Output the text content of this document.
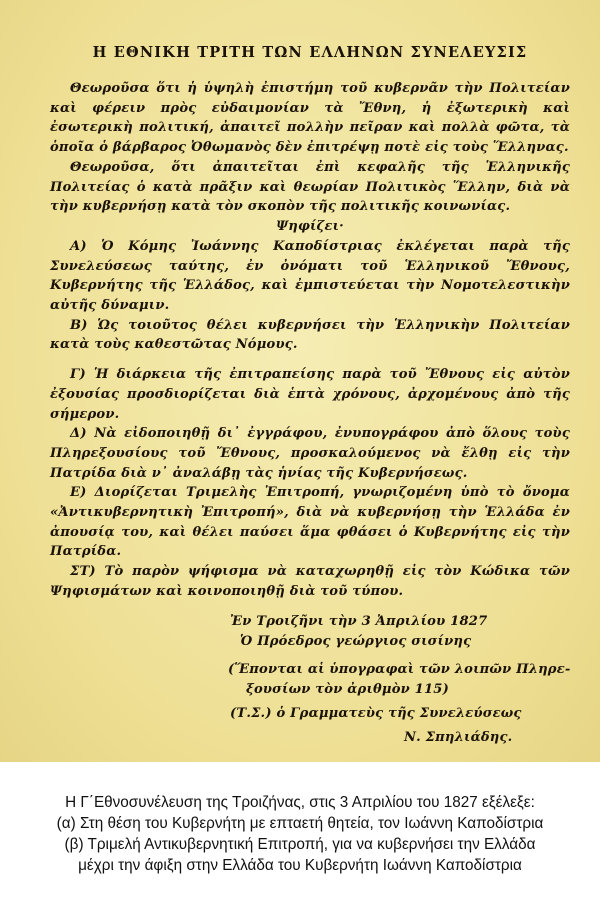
Η ΕΘΝΙΚΗ ΤΡΙΤΗ ΤΩΝ ΕΛΛΗΝΩΝ ΣΥΝΕΛΕΥΣΙΣ

Θεωροῦσα ὅτι ἡ ὑψηλὴ ἐπιστήμη τοῦ κυβερνᾶν τὴν Πολιτείαν καὶ φέρειν πρὸς εὐδαιμονίαν τὰ Ἔθνη, ἡ ἐξωτερικὴ καὶ ἐσωτερικὴ πολιτική, ἀπαιτεῖ πολλὴν πεῖραν καὶ πολλὰ φῶτα, τὰ ὁποῖα ὁ βάρβαρος Ὀθωμανὸς δὲν ἐπιτρέψῃ ποτὲ εἰς τοὺς Ἕλληνας.

Θεωροῦσα, ὅτι ἀπαιτεῖται ἐπὶ κεφαλῆς τῆς Ἑλληνικῆς Πολιτείας ὁ κατὰ πρᾶξιν καὶ θεωρίαν Πολιτικὸς Ἕλλην, διὰ νὰ τὴν κυβερνήσῃ κατὰ τὸν σκοπὸν τῆς πολιτικῆς κοινωνίας.

Ψηφίζει·

Α) Ὁ Κόμης Ἰωάννης Καποδίστριας ἐκλέγεται παρὰ τῆς Συνελεύσεως ταύτης, ἐν ὀνόματι τοῦ Ἑλληνικοῦ Ἔθνους, Κυβερνήτης τῆς Ἑλλάδος, καὶ ἐμπιστεύεται τὴν Νομοτελεστικὴν αὐτῆς δύναμιν.

Β) Ὡς τοιοῦτος θέλει κυβερνήσει τὴν Ἑλληνικὴν Πολιτείαν κατὰ τοὺς καθεστῶτας Νόμους.

Γ) Ἡ διάρκεια τῆς ἐπιτραπείσης παρὰ τοῦ Ἔθνους εἰς αὐτὸν ἐξουσίας προσδιορίζεται διὰ ἑπτὰ χρόνους, ἀρχομένους ἀπὸ τῆς σήμερον.

Δ) Νὰ εἰδοποιηθῇ δι᾽ ἐγγράφου, ἐνυπογράφου ἀπὸ ὅλους τοὺς Πληρεξουσίους τοῦ Ἔθνους, προσκαλούμενος νὰ ἔλθῃ εἰς τὴν Πατρίδα διὰ ν᾽ ἀναλάβῃ τὰς ἡνίας τῆς Κυβερνήσεως.

Ε) Διορίζεται Τριμελὴς Ἐπιτροπή, γνωριζομένη ὑπὸ τὸ ὄνομα «Ἀντικυβερνητικὴ Ἐπιτροπή», διὰ νὰ κυβερνήσῃ τὴν Ἑλλάδα ἐν ἀπουσίᾳ του, καὶ θέλει παύσει ἅμα φθάσει ὁ Κυβερνήτης εἰς τὴν Πατρίδα.

ΣΤ) Τὸ παρὸν ψήφισμα νὰ καταχωρηθῇ εἰς τὸν Κώδικα τῶν Ψηφισμάτων καὶ κοινοποιηθῇ διὰ τοῦ τύπου.

Ἐν Τροιζῆνι τὴν 3 Ἀπριλίου 1827

Ὁ Πρόεδρος γεώργιος σισίνης

(Ἕπονται αἱ ὑπογραφαὶ τῶν λοιπῶν Πληρε-

ξουσίων τὸν ἀριθμὸν 115)

(Τ.Σ.) ὁ Γραμματεὺς τῆς Συνελεύσεως

Ν. Σπηλιάδης.

Η Γ΄Εθνοσυνέλευση της Τροιζήνας, στις 3 Απριλίου του 1827 εξέλεξε:
(α) Στη θέση του Κυβερνήτη με επταετή θητεία, τον Ιωάννη Καποδίστρια
(β) Τριμελή Αντικυβερνητική Επιτροπή, για να κυβερνήσει την Ελλάδα
μέχρι την άφιξη στην Ελλάδα του Κυβερνήτη Ιωάννη Καποδίστρια
